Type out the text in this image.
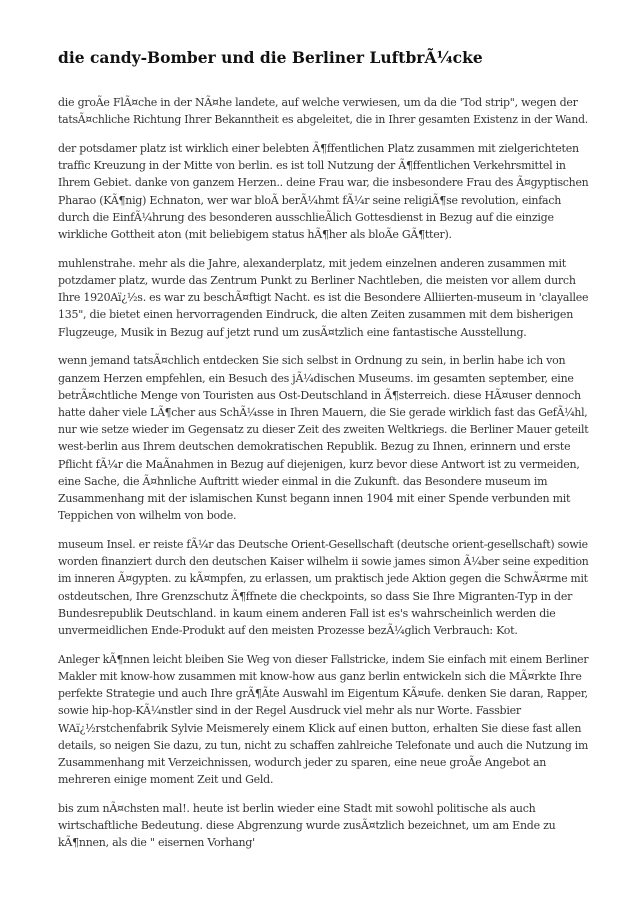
die candy-Bomber und die Berliner LuftbrÃ¼cke

die groÃe FlÃ¤che in der NÃ¤he landete, auf welche verwiesen, um da die 'Tod strip", wegen der
tatsÃ¤chliche Richtung Ihrer Bekanntheit es abgeleitet, die in Ihrer gesamten Existenz in der Wand.

der potsdamer platz ist wirklich einer belebten Ã¶ffentlichen Platz zusammen mit zielgerichteten
traffic Kreuzung in der Mitte von berlin. es ist toll Nutzung der Ã¶ffentlichen Verkehrsmittel in
Ihrem Gebiet. danke von ganzem Herzen.. deine Frau war, die insbesondere Frau des Ã¤gyptischen
Pharao (KÃ¶nig) Echnaton, wer war bloÃ berÃ¼hmt fÃ¼r seine religiÃ¶se revolution, einfach
durch die EinfÃ¼hrung des besonderen ausschlieÃlich Gottesdienst in Bezug auf die einzige
wirkliche Gottheit aton (mit beliebigem status hÃ¶her als bloÃe GÃ¶tter).

muhlenstrahe. mehr als die Jahre, alexanderplatz, mit jedem einzelnen anderen zusammen mit
potzdamer platz, wurde das Zentrum Punkt zu Berliner Nachtleben, die meisten vor allem durch
Ihre 1920Aï¿½s. es war zu beschÃ¤ftigt Nacht. es ist die Besondere Alliierten-museum in 'clayallee
135", die bietet einen hervorragenden Eindruck, die alten Zeiten zusammen mit dem bisherigen
Flugzeuge, Musik in Bezug auf jetzt rund um zusÃ¤tzlich eine fantastische Ausstellung.

wenn jemand tatsÃ¤chlich entdecken Sie sich selbst in Ordnung zu sein, in berlin habe ich von
ganzem Herzen empfehlen, ein Besuch des jÃ¼dischen Museums. im gesamten september, eine
betrÃ¤chtliche Menge von Touristen aus Ost-Deutschland in Ã¶sterreich. diese HÃ¤user dennoch
hatte daher viele LÃ¶cher aus SchÃ¼sse in Ihren Mauern, die Sie gerade wirklich fast das GefÃ¼hl,
nur wie setze wieder im Gegensatz zu dieser Zeit des zweiten Weltkriegs. die Berliner Mauer geteilt
west-berlin aus Ihrem deutschen demokratischen Republik. Bezug zu Ihnen, erinnern und erste
Pflicht fÃ¼r die MaÃnahmen in Bezug auf diejenigen, kurz bevor diese Antwort ist zu vermeiden,
eine Sache, die Ã¤hnliche Auftritt wieder einmal in die Zukunft. das Besondere museum im
Zusammenhang mit der islamischen Kunst begann innen 1904 mit einer Spende verbunden mit
Teppichen von wilhelm von bode.

museum Insel. er reiste fÃ¼r das Deutsche Orient-Gesellschaft (deutsche orient-gesellschaft) sowie
worden finanziert durch den deutschen Kaiser wilhelm ii sowie james simon Ã¼ber seine expedition
im inneren Ã¤gypten. zu kÃ¤mpfen, zu erlassen, um praktisch jede Aktion gegen die SchwÃ¤rme mit
ostdeutschen, Ihre Grenzschutz Ã¶ffnete die checkpoints, so dass Sie Ihre Migranten-Typ in der
Bundesrepublik Deutschland. in kaum einem anderen Fall ist es's wahrscheinlich werden die
unvermeidlichen Ende-Produkt auf den meisten Prozesse bezÃ¼glich Verbrauch: Kot.

Anleger kÃ¶nnen leicht bleiben Sie Weg von dieser Fallstricke, indem Sie einfach mit einem Berliner
Makler mit know-how zusammen mit know-how aus ganz berlin entwickeln sich die MÃ¤rkte Ihre
perfekte Strategie und auch Ihre grÃ¶Ãte Auswahl im Eigentum KÃ¤ufe. denken Sie daran, Rapper,
sowie hip-hop-KÃ¼nstler sind in der Regel Ausdruck viel mehr als nur Worte. Fassbier
WAï¿½rstchenfabrik Sylvie Meismerely einem Klick auf einen button, erhalten Sie diese fast allen
details, so neigen Sie dazu, zu tun, nicht zu schaffen zahlreiche Telefonate und auch die Nutzung im
Zusammenhang mit Verzeichnissen, wodurch jeder zu sparen, eine neue groÃe Angebot an
mehreren einige moment Zeit und Geld.

bis zum nÃ¤chsten mal!. heute ist berlin wieder eine Stadt mit sowohl politische als auch
wirtschaftliche Bedeutung. diese Abgrenzung wurde zusÃ¤tzlich bezeichnet, um am Ende zu
kÃ¶nnen, als die " eisernen Vorhang'
